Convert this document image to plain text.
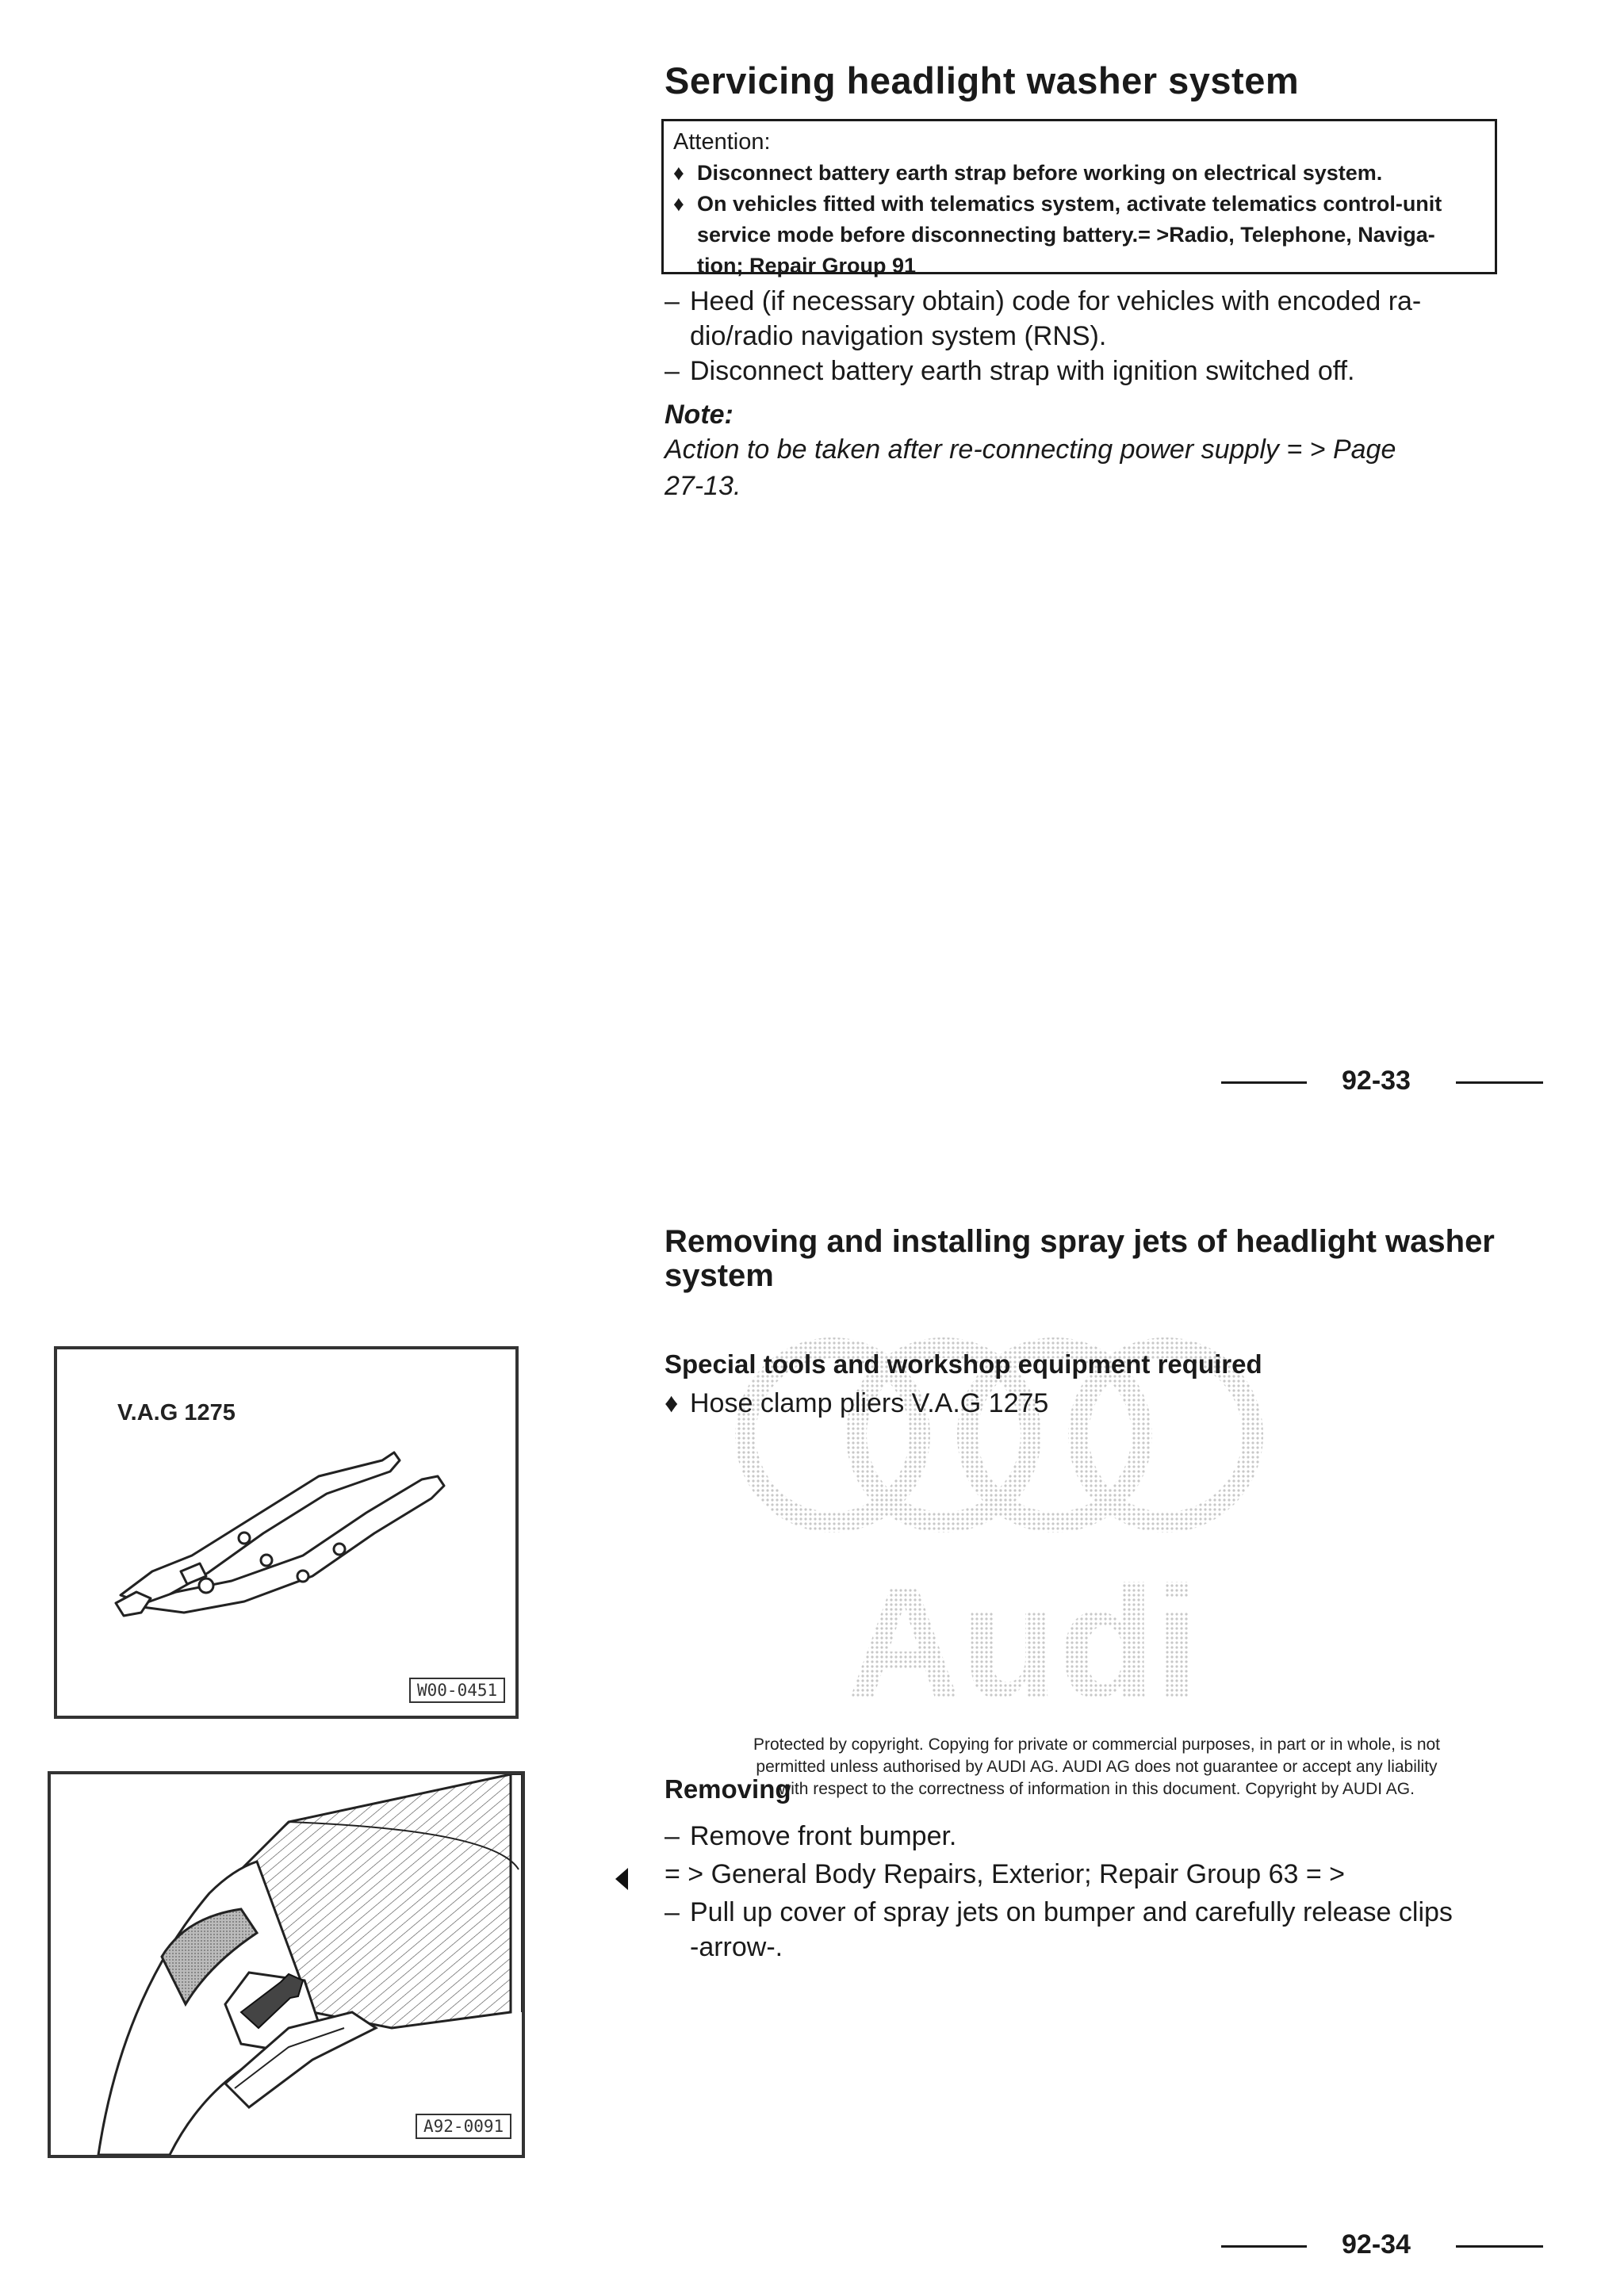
Servicing headlight washer system
Attention:
♦ Disconnect battery earth strap before working on electrical system.
♦ On vehicles fitted with telematics system, activate telematics control-unit
service mode before disconnecting battery.= >Radio, Telephone, Naviga-
tion; Repair Group 91
– Heed (if necessary obtain) code for vehicles with encoded ra-
dio/radio navigation system (RNS).
– Disconnect battery earth strap with ignition switched off.
Note:
Action to be taken after re-connecting power supply = > Page
27-13.
92-33
Audi
Removing and installing spray jets of headlight washer
system
Special tools and workshop equipment required
♦ Hose clamp pliers V.A.G 1275
V.A.G 1275
W00-0451
A92-0091
Protected by copyright. Copying for private or commercial purposes, in part or in whole, is not
permitted unless authorised by AUDI AG. AUDI AG does not guarantee or accept any liability
with respect to the correctness of information in this document. Copyright by AUDI AG.
Removing
– Remove front bumper.
= > General Body Repairs, Exterior; Repair Group 63 = >
– Pull up cover of spray jets on bumper and carefully release clips
-arrow-.
92-34
